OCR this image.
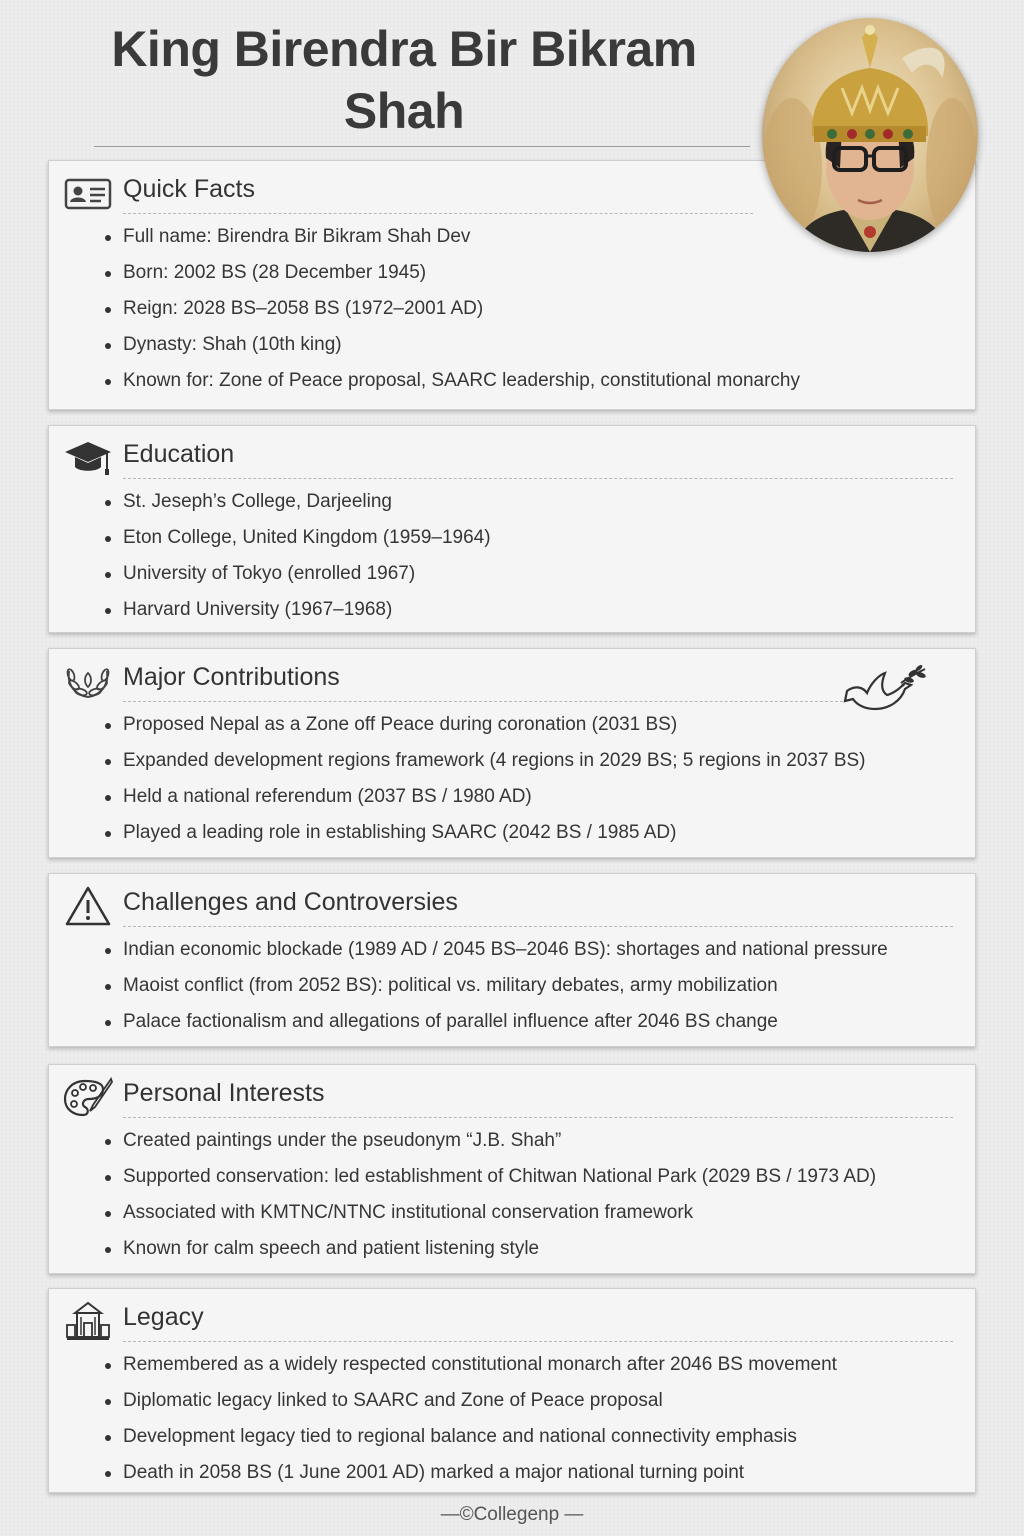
King Birendra Bir Bikram Shah
Quick Facts
Full name: Birendra Bir Bikram Shah Dev
Born: 2002 BS (28 December 1945)
Reign: 2028 BS–2058 BS (1972–2001 AD)
Dynasty: Shah (10th king)
Known for: Zone of Peace proposal, SAARC leadership, constitutional monarchy
Education
St. Jeseph’s College, Darjeeling
Eton College, United Kingdom (1959–1964)
University of Tokyo (enrolled 1967)
Harvard University (1967–1968)
Major Contributions
Proposed Nepal as a Zone off Peace during coronation (2031 BS)
Expanded development regions framework (4 regions in 2029 BS; 5 regions in 2037 BS)
Held a national referendum (2037 BS / 1980 AD)
Played a leading role in establishing SAARC (2042 BS / 1985 AD)
Challenges and Controversies
Indian economic blockade (1989 AD / 2045 BS–2046 BS): shortages and national pressure
Maoist conflict (from 2052 BS): political vs. military debates, army mobilization
Palace factionalism and allegations of parallel influence after 2046 BS change
Personal Interests
Created paintings under the pseudonym “J.B. Shah”
Supported conservation: led establishment of Chitwan National Park (2029 BS / 1973 AD)
Associated with KMTNC/NTNC institutional conservation framework
Known for calm speech and patient listening style
Legacy
Remembered as a widely respected constitutional monarch after 2046 BS movement
Diplomatic legacy linked to SAARC and Zone of Peace proposal
Development legacy tied to regional balance and national connectivity emphasis
Death in 2058 BS (1 June 2001 AD) marked a major national turning point
—©Collegenp —
